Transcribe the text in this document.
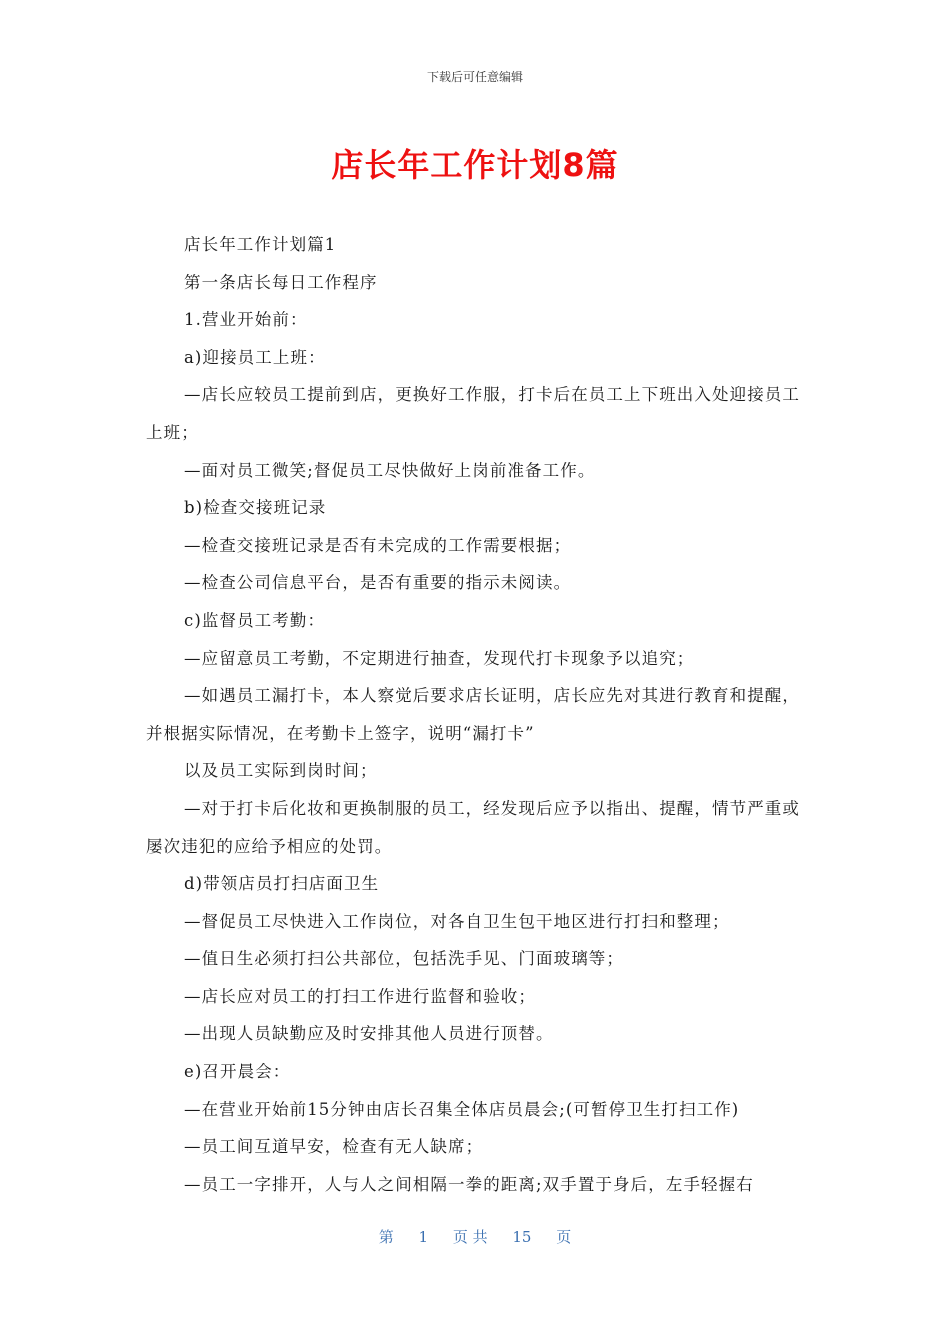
下载后可任意编辑
店长年工作计划8篇

店长年工作计划篇1

第一条店长每日工作程序

1.营业开始前：

a)迎接员工上班：

—店长应较员工提前到店，更换好工作服，打卡后在员工上下班出入处迎接员工上班；

—面对员工微笑;督促员工尽快做好上岗前准备工作。

b)检查交接班记录

—检查交接班记录是否有未完成的工作需要根据；

—检查公司信息平台，是否有重要的指示未阅读。

c)监督员工考勤：

—应留意员工考勤，不定期进行抽查，发现代打卡现象予以追究；

—如遇员工漏打卡，本人察觉后要求店长证明，店长应先对其进行教育和提醒，并根据实际情况，在考勤卡上签字，说明“漏打卡”

以及员工实际到岗时间；

—对于打卡后化妆和更换制服的员工，经发现后应予以指出、提醒，情节严重或屡次违犯的应给予相应的处罚。

d)带领店员打扫店面卫生

—督促员工尽快进入工作岗位，对各自卫生包干地区进行打扫和整理；

—值日生必须打扫公共部位，包括洗手见、门面玻璃等；

—店长应对员工的打扫工作进行监督和验收；

—出现人员缺勤应及时安排其他人员进行顶替。

e)召开晨会：

—在营业开始前15分钟由店长召集全体店员晨会;(可暂停卫生打扫工作)

—员工间互道早安，检查有无人缺席；

—员工一字排开，人与人之间相隔一拳的距离;双手置于身后，左手轻握右

第 1 页 共 15 页
